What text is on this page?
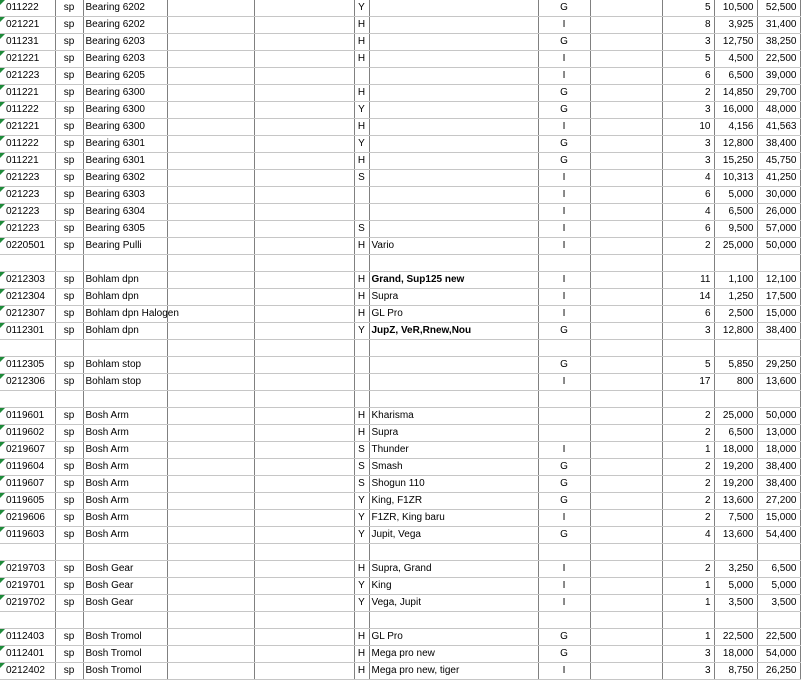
011222	sp	Bearing 6202			Y		G		5	10,500	52,500

021221	sp	Bearing 6202			H		I		8	3,925	31,400

011231	sp	Bearing 6203			H		G		3	12,750	38,250

021221	sp	Bearing 6203			H		I		5	4,500	22,500

021223	sp	Bearing 6205					I		6	6,500	39,000

011221	sp	Bearing 6300			H		G		2	14,850	29,700

011222	sp	Bearing 6300			Y		G		3	16,000	48,000

021221	sp	Bearing 6300			H		I		10	4,156	41,563

011222	sp	Bearing 6301			Y		G		3	12,800	38,400

011221	sp	Bearing 6301			H		G		3	15,250	45,750

021223	sp	Bearing 6302			S		I		4	10,313	41,250

021223	sp	Bearing 6303					I		6	5,000	30,000

021223	sp	Bearing 6304					I		4	6,500	26,000

021223	sp	Bearing 6305			S		I		6	9,500	57,000

0220501	sp	Bearing Pulli			H	Vario	I		2	25,000	50,000

0212303	sp	Bohlam dpn			H	Grand, Sup125 new	I		11	1,100	12,100

0212304	sp	Bohlam dpn			H	Supra	I		14	1,250	17,500

0212307	sp	Bohlam dpn Halogen			H	GL Pro	I		6	2,500	15,000

0112301	sp	Bohlam dpn			Y	JupZ, VeR,Rnew,Nou	G		3	12,800	38,400

0112305	sp	Bohlam stop					G		5	5,850	29,250

0212306	sp	Bohlam stop					I		17	800	13,600

0119601	sp	Bosh Arm			H	Kharisma			2	25,000	50,000

0119602	sp	Bosh Arm			H	Supra			2	6,500	13,000

0219607	sp	Bosh Arm			S	Thunder	I		1	18,000	18,000

0119604	sp	Bosh Arm			S	Smash	G		2	19,200	38,400

0119607	sp	Bosh Arm			S	Shogun 110	G		2	19,200	38,400

0119605	sp	Bosh Arm			Y	King, F1ZR	G		2	13,600	27,200

0219606	sp	Bosh Arm			Y	F1ZR, King baru	I		2	7,500	15,000

0119603	sp	Bosh Arm			Y	Jupit, Vega	G		4	13,600	54,400

0219703	sp	Bosh Gear			H	Supra, Grand	I		2	3,250	6,500

0219701	sp	Bosh Gear			Y	King	I		1	5,000	5,000

0219702	sp	Bosh Gear			Y	Vega, Jupit	I		1	3,500	3,500

0112403	sp	Bosh Tromol			H	GL Pro	G		1	22,500	22,500

0112401	sp	Bosh Tromol			H	Mega pro new	G		3	18,000	54,000

0212402	sp	Bosh Tromol			H	Mega pro new, tiger	I		3	8,750	26,250
